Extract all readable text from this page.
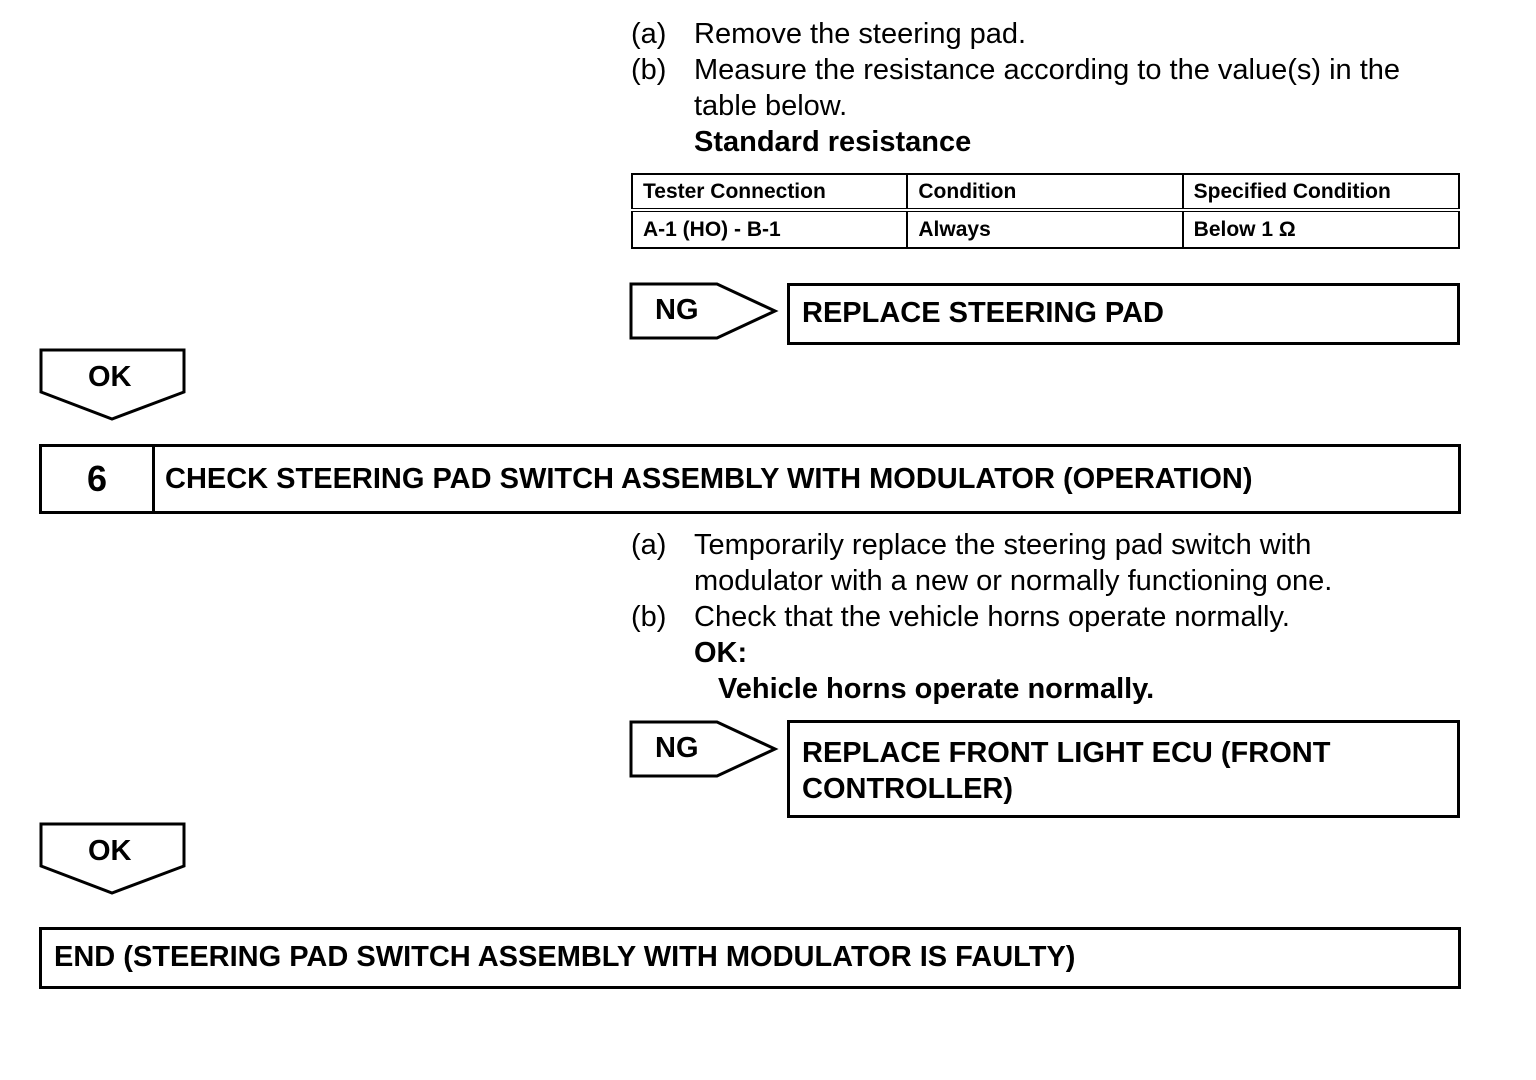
(a) Remove the steering pad.
(b) Measure the resistance according to the value(s) in the
table below.
Standard resistance
Tester Connection	Condition	Specified Condition
A-1 (HO) - B-1	Always	Below 1 Ω
NG	REPLACE STEERING PAD
OK
6	CHECK STEERING PAD SWITCH ASSEMBLY WITH MODULATOR (OPERATION)
(a) Temporarily replace the steering pad switch with
modulator with a new or normally functioning one.
(b) Check that the vehicle horns operate normally.
OK:
Vehicle horns operate normally.
NG	REPLACE FRONT LIGHT ECU (FRONT
CONTROLLER)
OK
END (STEERING PAD SWITCH ASSEMBLY WITH MODULATOR IS FAULTY)
